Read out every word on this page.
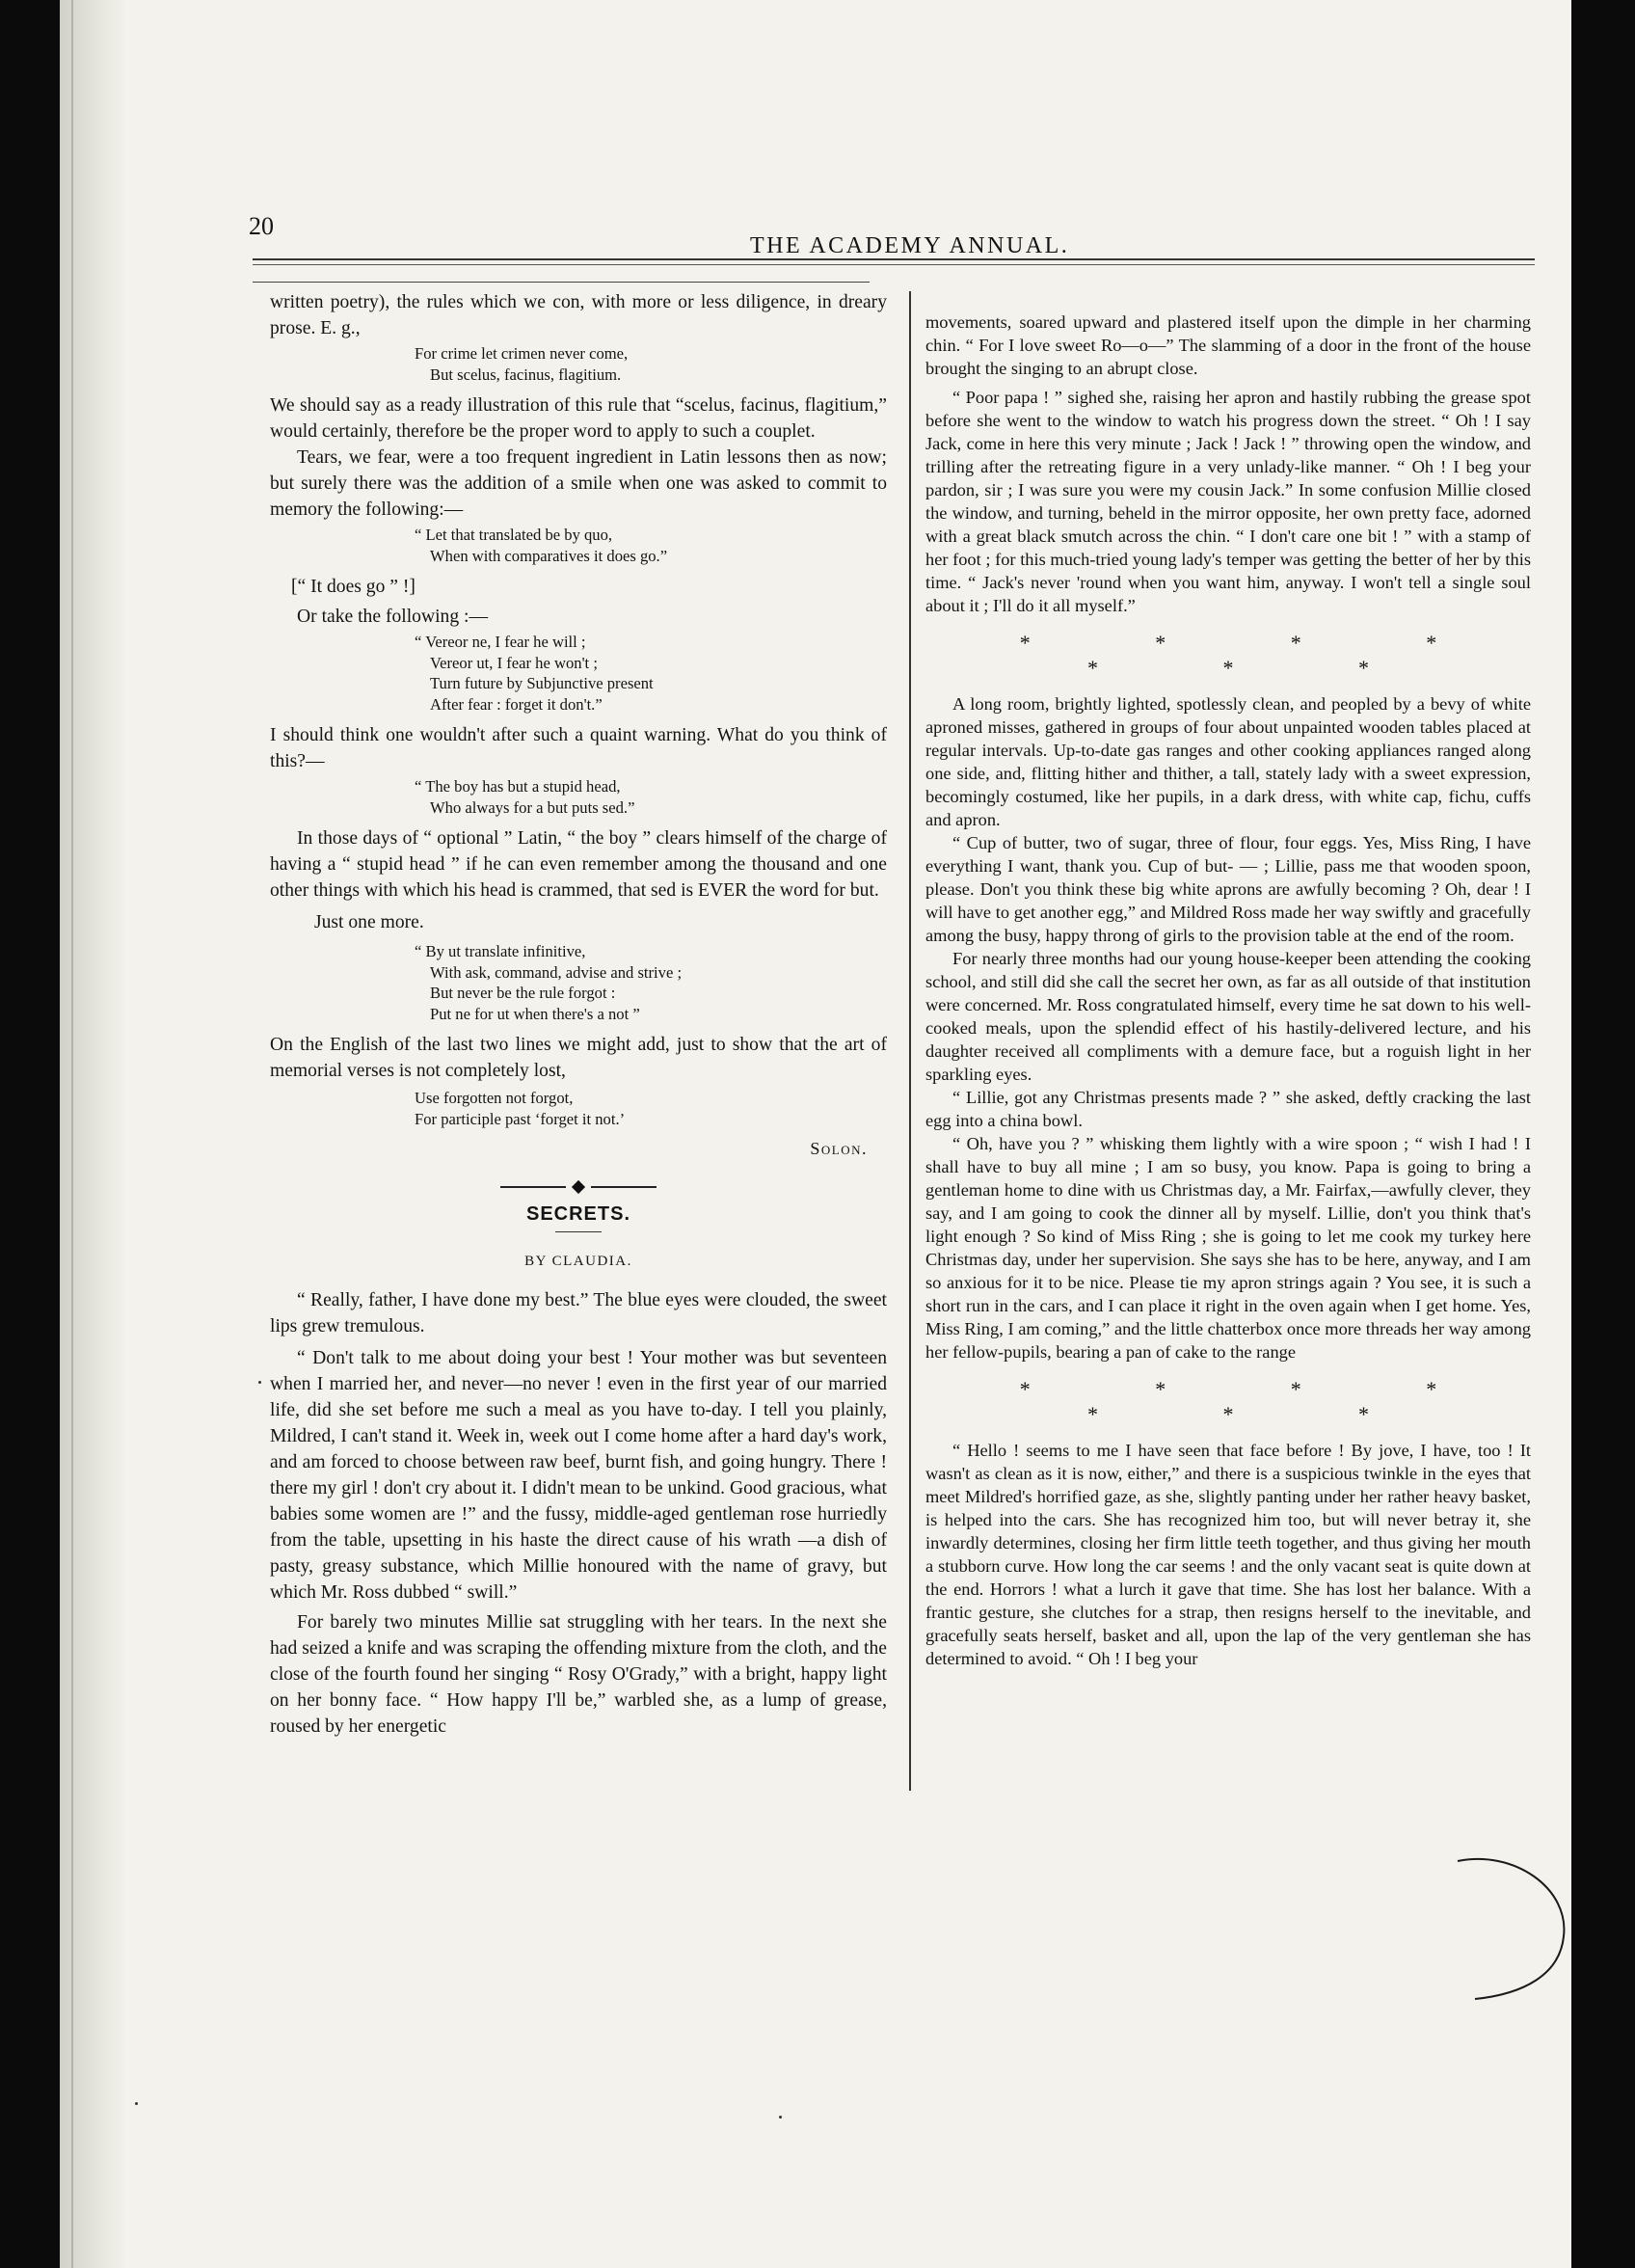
20
THE ACADEMY ANNUAL.

written poetry), the rules which we con, with more or less diligence, in dreary prose. E. g.,

For crime let crimen never come,
But scelus, facinus, flagitium.

We should say as a ready illustration of this rule that “scelus, facinus, flagitium,” would certainly, therefore be the proper word to apply to such a couplet.

Tears, we fear, were a too frequent ingredient in Latin lessons then as now; but surely there was the addition of a smile when one was asked to commit to memory the following:—

“ Let that translated be by quo,
When with comparatives it does go.”
[“ It does go ” !]

Or take the following :—

“ Vereor ne, I fear he will ;
Vereor ut, I fear he won't ;
Turn future by Subjunctive present
After fear : forget it don't.”

I should think one wouldn't after such a quaint warning. What do you think of this?—

“ The boy has but a stupid head,
Who always for a but puts sed.”

In those days of “ optional ” Latin, “ the boy ” clears himself of the charge of having a “ stupid head ” if he can even remember among the thousand and one other things with which his head is crammed, that sed is EVER the word for but.

Just one more.
“ By ut translate infinitive,
With ask, command, advise and strive ;
But never be the rule forgot :
Put ne for ut when there's a not ”

On the English of the last two lines we might add, just to show that the art of memorial verses is not completely lost,

Use forgotten not forgot,
For participle past ‘forget it not.’
Solon.
SECRETS.
BY CLAUDIA.

“ Really, father, I have done my best.” The blue eyes were clouded, the sweet lips grew tremulous.

“ Don't talk to me about doing your best ! Your mother was but seventeen when I married her, and never—no never ! even in the first year of our married life, did she set before me such a meal as you have to-day. I tell you plainly, Mildred, I can't stand it. Week in, week out I come home after a hard day's work, and am forced to choose between raw beef, burnt fish, and going hungry. There ! there my girl ! don't cry about it. I didn't mean to be unkind. Good gracious, what babies some women are !” and the fussy, middle-aged gentleman rose hurriedly from the table, upsetting in his haste the direct cause of his wrath —a dish of pasty, greasy substance, which Millie honoured with the name of gravy, but which Mr. Ross dubbed “ swill.”

For barely two minutes Millie sat struggling with her tears. In the next she had seized a knife and was scraping the offending mixture from the cloth, and the close of the fourth found her singing “ Rosy O'Grady,” with a bright, happy light on her bonny face. “ How happy I'll be,” warbled she, as a lump of grease, roused by her energetic

movements, soared upward and plastered itself upon the dimple in her charming chin. “ For I love sweet Ro—o—” The slamming of a door in the front of the house brought the singing to an abrupt close.

“ Poor papa ! ” sighed she, raising her apron and hastily rubbing the grease spot before she went to the window to watch his progress down the street. “ Oh ! I say Jack, come in here this very minute ; Jack ! Jack ! ” throwing open the window, and trilling after the retreating figure in a very unlady-like manner. “ Oh ! I beg your pardon, sir ; I was sure you were my cousin Jack.” In some confusion Millie closed the window, and turning, beheld in the mirror opposite, her own pretty face, adorned with a great black smutch across the chin. “ I don't care one bit ! ” with a stamp of her foot ; for this much-tried young lady's temper was getting the better of her by this time. “ Jack's never 'round when you want him, anyway. I won't tell a single soul about it ; I'll do it all myself.”

* * * * * * *

A long room, brightly lighted, spotlessly clean, and peopled by a bevy of white aproned misses, gathered in groups of four about unpainted wooden tables placed at regular intervals. Up-to-date gas ranges and other cooking appliances ranged along one side, and, flitting hither and thither, a tall, stately lady with a sweet expression, becomingly costumed, like her pupils, in a dark dress, with white cap, fichu, cuffs and apron.

“ Cup of butter, two of sugar, three of flour, four eggs. Yes, Miss Ring, I have everything I want, thank you. Cup of but- — ; Lillie, pass me that wooden spoon, please. Don't you think these big white aprons are awfully becoming ? Oh, dear ! I will have to get another egg,” and Mildred Ross made her way swiftly and gracefully among the busy, happy throng of girls to the provision table at the end of the room.

For nearly three months had our young house-keeper been attending the cooking school, and still did she call the secret her own, as far as all outside of that institution were concerned. Mr. Ross congratulated himself, every time he sat down to his well-cooked meals, upon the splendid effect of his hastily-delivered lecture, and his daughter received all compliments with a demure face, but a roguish light in her sparkling eyes.

“ Lillie, got any Christmas presents made ? ” she asked, deftly cracking the last egg into a china bowl.

“ Oh, have you ? ” whisking them lightly with a wire spoon ; “ wish I had ! I shall have to buy all mine ; I am so busy, you know. Papa is going to bring a gentleman home to dine with us Christmas day, a Mr. Fairfax,—awfully clever, they say, and I am going to cook the dinner all by myself. Lillie, don't you think that's light enough ? So kind of Miss Ring ; she is going to let me cook my turkey here Christmas day, under her supervision. She says she has to be here, anyway, and I am so anxious for it to be nice. Please tie my apron strings again ? You see, it is such a short run in the cars, and I can place it right in the oven again when I get home. Yes, Miss Ring, I am coming,” and the little chatterbox once more threads her way among her fellow-pupils, bearing a pan of cake to the range

* * * * * * *

“ Hello ! seems to me I have seen that face before ! By jove, I have, too ! It wasn't as clean as it is now, either,” and there is a suspicious twinkle in the eyes that meet Mildred's horrified gaze, as she, slightly panting under her rather heavy basket, is helped into the cars. She has recognized him too, but will never betray it, she inwardly determines, closing her firm little teeth together, and thus giving her mouth a stubborn curve. How long the car seems ! and the only vacant seat is quite down at the end. Horrors ! what a lurch it gave that time. She has lost her balance. With a frantic gesture, she clutches for a strap, then resigns herself to the inevitable, and gracefully seats herself, basket and all, upon the lap of the very gentleman she has determined to avoid. “ Oh ! I beg your
